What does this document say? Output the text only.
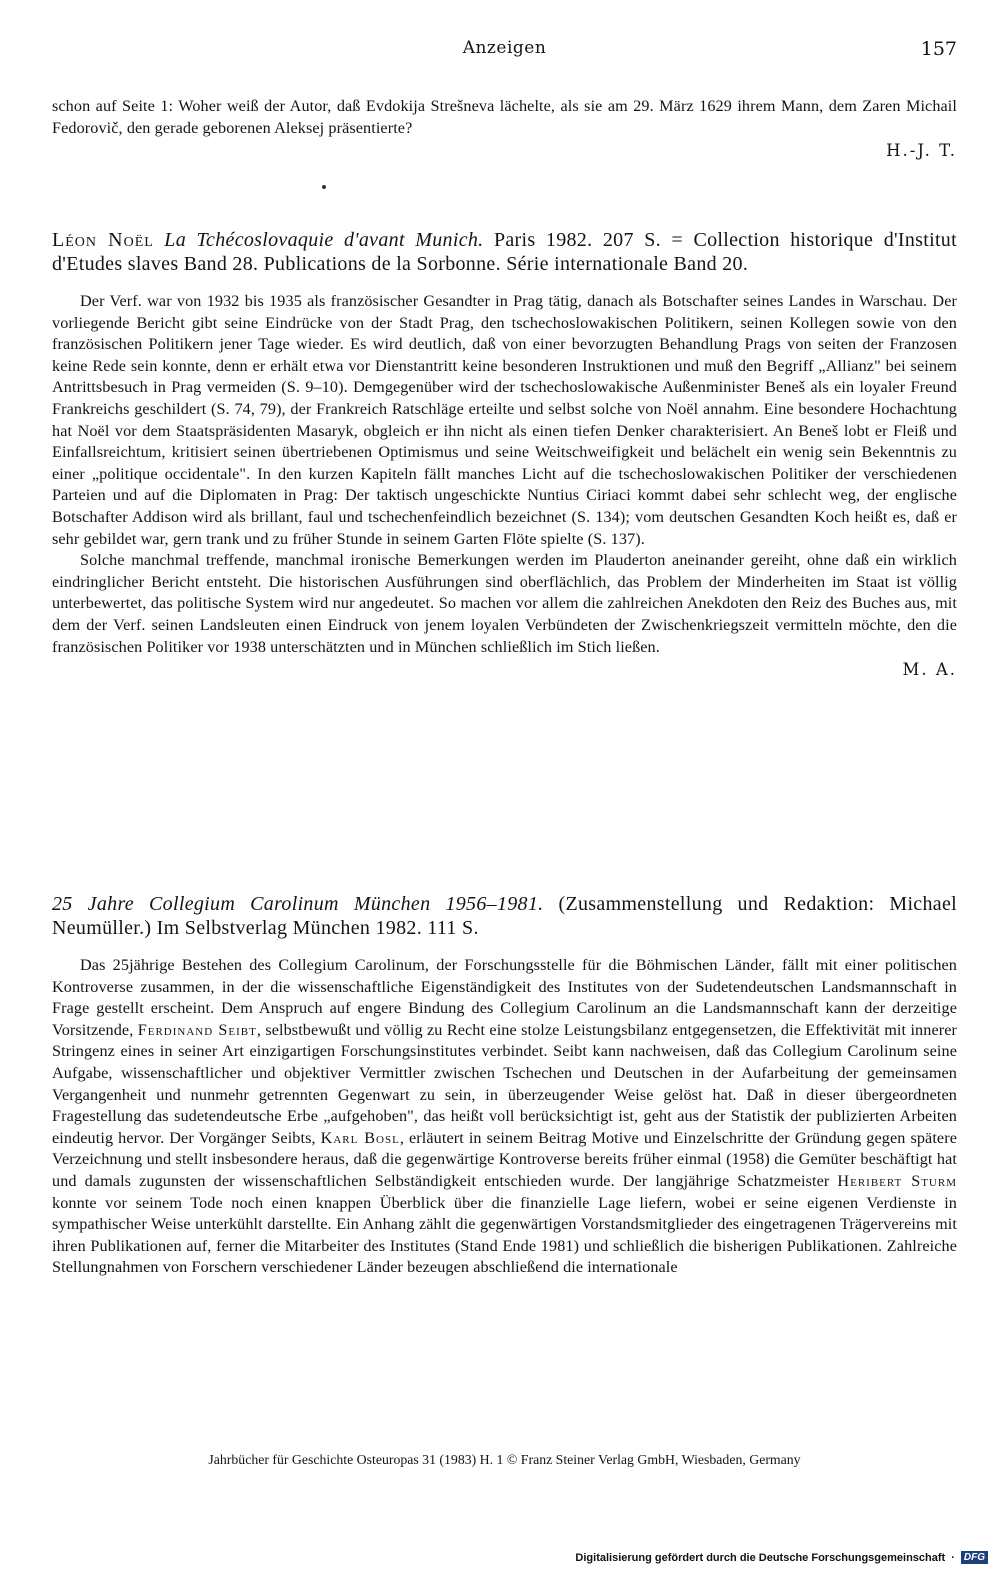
Anzeigen	157

schon auf Seite 1: Woher weiß der Autor, daß Evdokija Strešneva lächelte, als sie am 29. März 1629 ihrem Mann, dem Zaren Michail Fedorovič, den gerade geborenen Aleksej präsentierte?

H.-J. T.
Léon Noël La Tchécoslovaquie d'avant Munich. Paris 1982. 207 S. = Collection historique d'Institut d'Etudes slaves Band 28. Publications de la Sorbonne. Série internationale Band 20.

Der Verf. war von 1932 bis 1935 als französischer Gesandter in Prag tätig, danach als Botschafter seines Landes in Warschau. Der vorliegende Bericht gibt seine Eindrücke von der Stadt Prag, den tschechoslowakischen Politikern, seinen Kollegen sowie von den französischen Politikern jener Tage wieder. Es wird deutlich, daß von einer bevorzugten Behandlung Prags von seiten der Franzosen keine Rede sein konnte, denn er erhält etwa vor Dienstantritt keine besonderen Instruktionen und muß den Begriff „Allianz" bei seinem Antrittsbesuch in Prag vermeiden (S. 9–10). Demgegenüber wird der tschechoslowakische Außenminister Beneš als ein loyaler Freund Frankreichs geschildert (S. 74, 79), der Frankreich Ratschläge erteilte und selbst solche von Noël annahm. Eine besondere Hochachtung hat Noël vor dem Staatspräsidenten Masaryk, obgleich er ihn nicht als einen tiefen Denker charakterisiert. An Beneš lobt er Fleiß und Einfallsreichtum, kritisiert seinen übertriebenen Optimismus und seine Weitschweifigkeit und belächelt ein wenig sein Bekenntnis zu einer „politique occidentale". In den kurzen Kapiteln fällt manches Licht auf die tschechoslowakischen Politiker der verschiedenen Parteien und auf die Diplomaten in Prag: Der taktisch ungeschickte Nuntius Ciriaci kommt dabei sehr schlecht weg, der englische Botschafter Addison wird als brillant, faul und tschechenfeindlich bezeichnet (S. 134); vom deutschen Gesandten Koch heißt es, daß er sehr gebildet war, gern trank und zu früher Stunde in seinem Garten Flöte spielte (S. 137).

Solche manchmal treffende, manchmal ironische Bemerkungen werden im Plauderton aneinander gereiht, ohne daß ein wirklich eindringlicher Bericht entsteht. Die historischen Ausführungen sind oberflächlich, das Problem der Minderheiten im Staat ist völlig unterbewertet, das politische System wird nur angedeutet. So machen vor allem die zahlreichen Anekdoten den Reiz des Buches aus, mit dem der Verf. seinen Landsleuten einen Eindruck von jenem loyalen Verbündeten der Zwischenkriegszeit vermitteln möchte, den die französischen Politiker vor 1938 unterschätzten und in München schließlich im Stich ließen.

M. A.
25 Jahre Collegium Carolinum München 1956–1981. (Zusammenstellung und Redaktion: Michael Neumüller.) Im Selbstverlag München 1982. 111 S.

Das 25jährige Bestehen des Collegium Carolinum, der Forschungsstelle für die Böhmischen Länder, fällt mit einer politischen Kontroverse zusammen, in der die wissenschaftliche Eigenständigkeit des Institutes von der Sudetendeutschen Landsmannschaft in Frage gestellt erscheint. Dem Anspruch auf engere Bindung des Collegium Carolinum an die Landsmannschaft kann der derzeitige Vorsitzende, Ferdinand Seibt, selbstbewußt und völlig zu Recht eine stolze Leistungsbilanz entgegensetzen, die Effektivität mit innerer Stringenz eines in seiner Art einzigartigen Forschungsinstitutes verbindet. Seibt kann nachweisen, daß das Collegium Carolinum seine Aufgabe, wissenschaftlicher und objektiver Vermittler zwischen Tschechen und Deutschen in der Aufarbeitung der gemeinsamen Vergangenheit und nunmehr getrennten Gegenwart zu sein, in überzeugender Weise gelöst hat. Daß in dieser übergeordneten Fragestellung das sudetendeutsche Erbe „aufgehoben", das heißt voll berücksichtigt ist, geht aus der Statistik der publizierten Arbeiten eindeutig hervor. Der Vorgänger Seibts, Karl Bosl, erläutert in seinem Beitrag Motive und Einzelschritte der Gründung gegen spätere Verzeichnung und stellt insbesondere heraus, daß die gegenwärtige Kontroverse bereits früher einmal (1958) die Gemüter beschäftigt hat und damals zugunsten der wissenschaftlichen Selbständigkeit entschieden wurde. Der langjährige Schatzmeister Heribert Sturm konnte vor seinem Tode noch einen knappen Überblick über die finanzielle Lage liefern, wobei er seine eigenen Verdienste in sympathischer Weise unterkühlt darstellte. Ein Anhang zählt die gegenwärtigen Vorstandsmitglieder des eingetragenen Trägervereins mit ihren Publikationen auf, ferner die Mitarbeiter des Institutes (Stand Ende 1981) und schließlich die bisherigen Publikationen. Zahlreiche Stellungnahmen von Forschern verschiedener Länder bezeugen abschließend die internationale

Jahrbücher für Geschichte Osteuropas 31 (1983) H. 1 © Franz Steiner Verlag GmbH, Wiesbaden, Germany
Digitalisierung gefördert durch die Deutsche Forschungsgemeinschaft · DFG
